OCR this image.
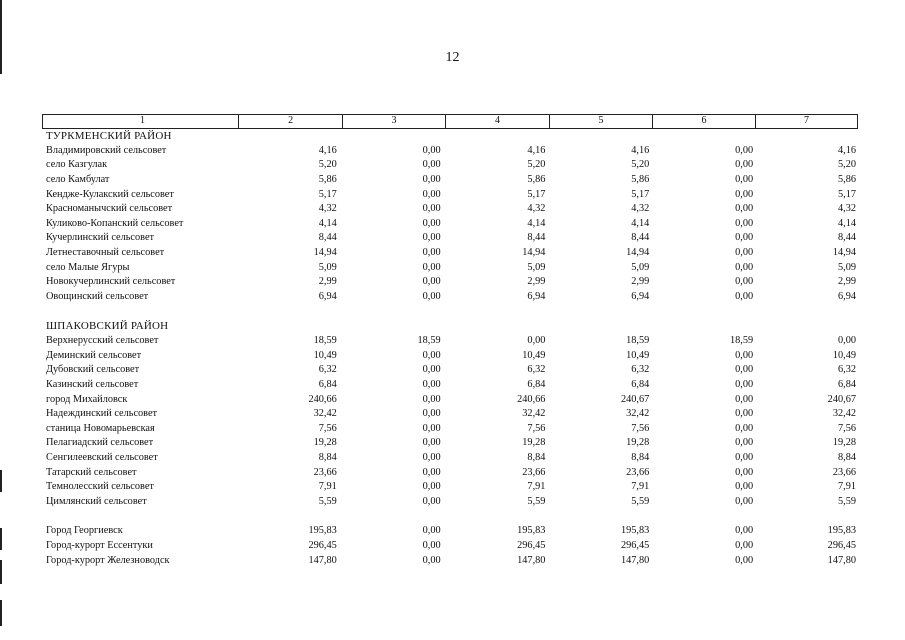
12
1	2	3	4	5	6	7
ТУРКМЕНСКИЙ РАЙОН
Владимировский сельсовет	4,16	0,00	4,16	4,16	0,00	4,16
село Казгулак	5,20	0,00	5,20	5,20	0,00	5,20
село Камбулат	5,86	0,00	5,86	5,86	0,00	5,86
Кендже-Кулакский сельсовет	5,17	0,00	5,17	5,17	0,00	5,17
Красноманычский сельсовет	4,32	0,00	4,32	4,32	0,00	4,32
Куликово-Копанский сельсовет	4,14	0,00	4,14	4,14	0,00	4,14
Кучерлинский сельсовет	8,44	0,00	8,44	8,44	0,00	8,44
Летнеставочный сельсовет	14,94	0,00	14,94	14,94	0,00	14,94
село Малые Ягуры	5,09	0,00	5,09	5,09	0,00	5,09
Новокучерлинский сельсовет	2,99	0,00	2,99	2,99	0,00	2,99
Овощинский сельсовет	6,94	0,00	6,94	6,94	0,00	6,94
ШПАКОВСКИЙ РАЙОН
Верхнерусский сельсовет	18,59	18,59	0,00	18,59	18,59	0,00
Деминский сельсовет	10,49	0,00	10,49	10,49	0,00	10,49
Дубовский сельсовет	6,32	0,00	6,32	6,32	0,00	6,32
Казинский сельсовет	6,84	0,00	6,84	6,84	0,00	6,84
город Михайловск	240,66	0,00	240,66	240,67	0,00	240,67
Надеждинский сельсовет	32,42	0,00	32,42	32,42	0,00	32,42
станица Новомарьевская	7,56	0,00	7,56	7,56	0,00	7,56
Пелагиадский сельсовет	19,28	0,00	19,28	19,28	0,00	19,28
Сенгилеевский сельсовет	8,84	0,00	8,84	8,84	0,00	8,84
Татарский сельсовет	23,66	0,00	23,66	23,66	0,00	23,66
Темнолесский сельсовет	7,91	0,00	7,91	7,91	0,00	7,91
Цимлянский сельсовет	5,59	0,00	5,59	5,59	0,00	5,59
Город Георгиевск	195,83	0,00	195,83	195,83	0,00	195,83
Город-курорт Ессентуки	296,45	0,00	296,45	296,45	0,00	296,45
Город-курорт Железноводск	147,80	0,00	147,80	147,80	0,00	147,80
